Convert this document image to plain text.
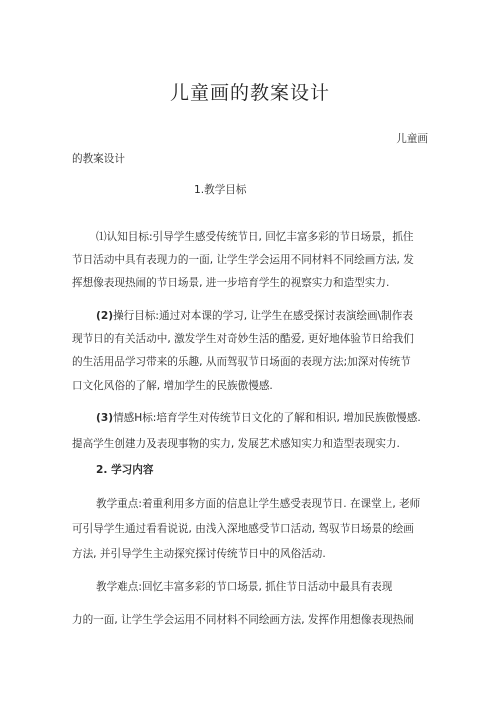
儿童画的教案设计
儿童画
的教案设计
1.教学目标
⑴认知目标:引导学生感受传统节日, 回忆丰富多彩的节日场景，抓住
节日活动中具有表现力的一面, 让学生学会运用不同材料不同绘画方法, 发
挥想像表现热闹的节日场景, 进一步培育学生的视察实力和造型实力.
(2)操行目标:通过对本课的学习, 让学生在感受探讨表演绘画\制作表
现节日的有关活动中, 激发学生对奇妙生活的酷爱, 更好地体验节日给我们
的生活用品学习带来的乐趣, 从而驾驭节日场面的表现方法;加深对传统节
口文化风俗的了解, 增加学生的民族傲慢感.
(3)情感H标:培育学生对传统节日文化的了解和相识, 增加民族傲慢感.
提高学生创建力及表现事物的实力, 发展艺术感知实力和造型表现实力.
2. 学习内容
教学重点:着重利用多方面的信息让学生感受表现节日. 在课堂上, 老师
可引导学生通过看看说说, 由浅入深地感受节口活动, 驾驭节日场景的绘画
方法, 并引导学生主动探究探讨传统节日中的风俗活动.
教学难点:回忆丰富多彩的节口场景, 抓住节日活动中最具有表现
力的一面, 让学生学会运用不同材料不同绘画方法, 发挥作用想像表现热闹
